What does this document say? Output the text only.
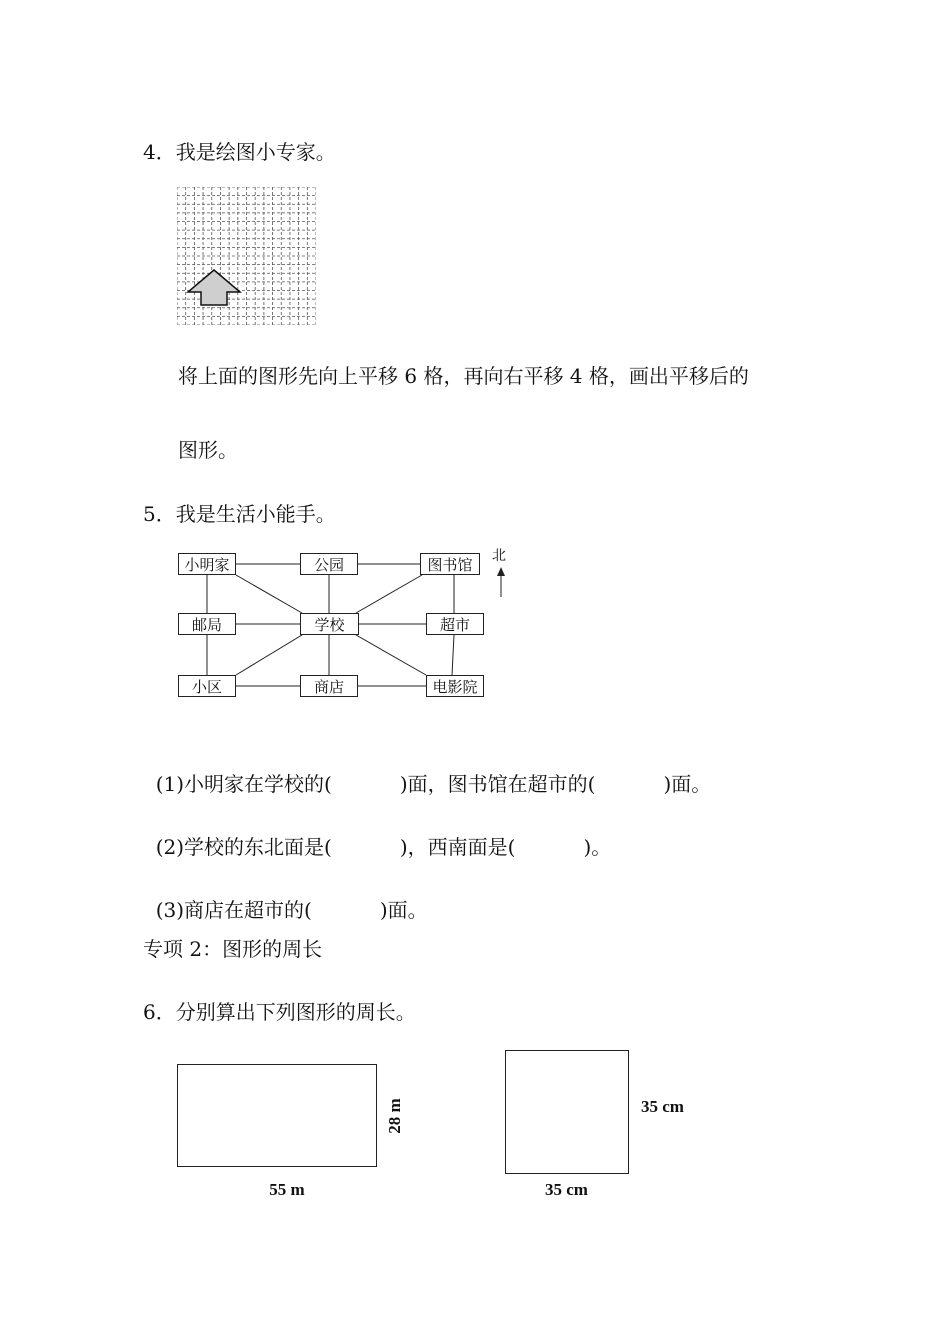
4．我是绘图小专家。
将上面的图形先向上平移 6 格，再向右平移 4 格，画出平移后的
图形。
5．我是生活小能手。
小明家	公园	图书馆
邮局	学校	超市
小区	商店	电影院
北

(1)小明家在学校的(	)面，图书馆在超市的(	)面。

(2)学校的东北面是(	)，西南面是(	)。

(3)商店在超市的(	)面。

专项 2：图形的周长
6．分别算出下列图形的周长。
28 m
55 m
35 cm
35 cm
